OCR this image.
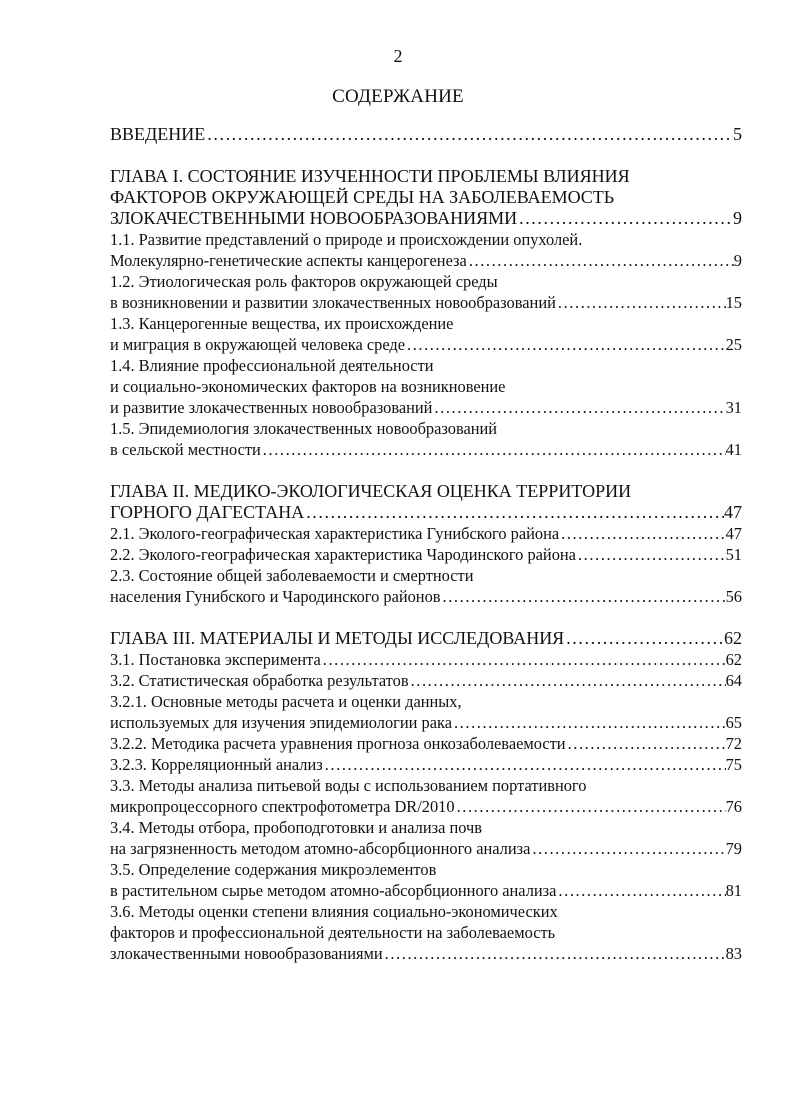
2
СОДЕРЖАНИЕ
ВВЕДЕНИЕ .....	5
ГЛАВА I. СОСТОЯНИЕ ИЗУЧЕННОСТИ ПРОБЛЕМЫ ВЛИЯНИЯ
ФАКТОРОВ ОКРУЖАЮЩЕЙ СРЕДЫ НА ЗАБОЛЕВАЕМОСТЬ
ЗЛОКАЧЕСТВЕННЫМИ НОВООБРАЗОВАНИЯМИ .....	9
1.1. Развитие представлений о природе и происхождении опухолей.
Молекулярно-генетические аспекты канцерогенеза .....	9
1.2. Этиологическая роль факторов окружающей среды
в возникновении и развитии злокачественных новообразований .....	15
1.3. Канцерогенные вещества, их происхождение
и миграция в окружающей человека среде .....	25
1.4. Влияние профессиональной деятельности
и социально-экономических факторов на возникновение
и развитие злокачественных новообразований .....	31
1.5. Эпидемиология злокачественных новообразований
в сельской местности .....	41
ГЛАВА II. МЕДИКО-ЭКОЛОГИЧЕСКАЯ ОЦЕНКА ТЕРРИТОРИИ
ГОРНОГО ДАГЕСТАНА .....	47
2.1. Эколого-географическая характеристика Гунибского района .....	47
2.2. Эколого-географическая характеристика Чародинского района .....	51
2.3. Состояние общей заболеваемости и смертности
населения Гунибского и Чародинского районов .....	56
ГЛАВА III. МАТЕРИАЛЫ И МЕТОДЫ ИССЛЕДОВАНИЯ .....	62
3.1. Постановка эксперимента .....	62
3.2. Статистическая обработка результатов .....	64
3.2.1. Основные методы расчета и оценки данных,
используемых для изучения эпидемиологии рака .....	65
3.2.2. Методика расчета уравнения прогноза онкозаболеваемости .....	72
3.2.3. Корреляционный анализ .....	75
3.3. Методы анализа питьевой воды с использованием портативного
микропроцессорного спектрофотометра DR/2010 .....	76
3.4. Методы отбора, пробоподготовки и анализа почв
на загрязненность методом атомно-абсорбционного анализа .....	79
3.5. Определение содержания микроэлементов
в растительном сырье методом атомно-абсорбционного анализа .....	81
3.6. Методы оценки степени влияния социально-экономических
факторов и профессиональной деятельности на заболеваемость
злокачественными новообразованиями .....	83
